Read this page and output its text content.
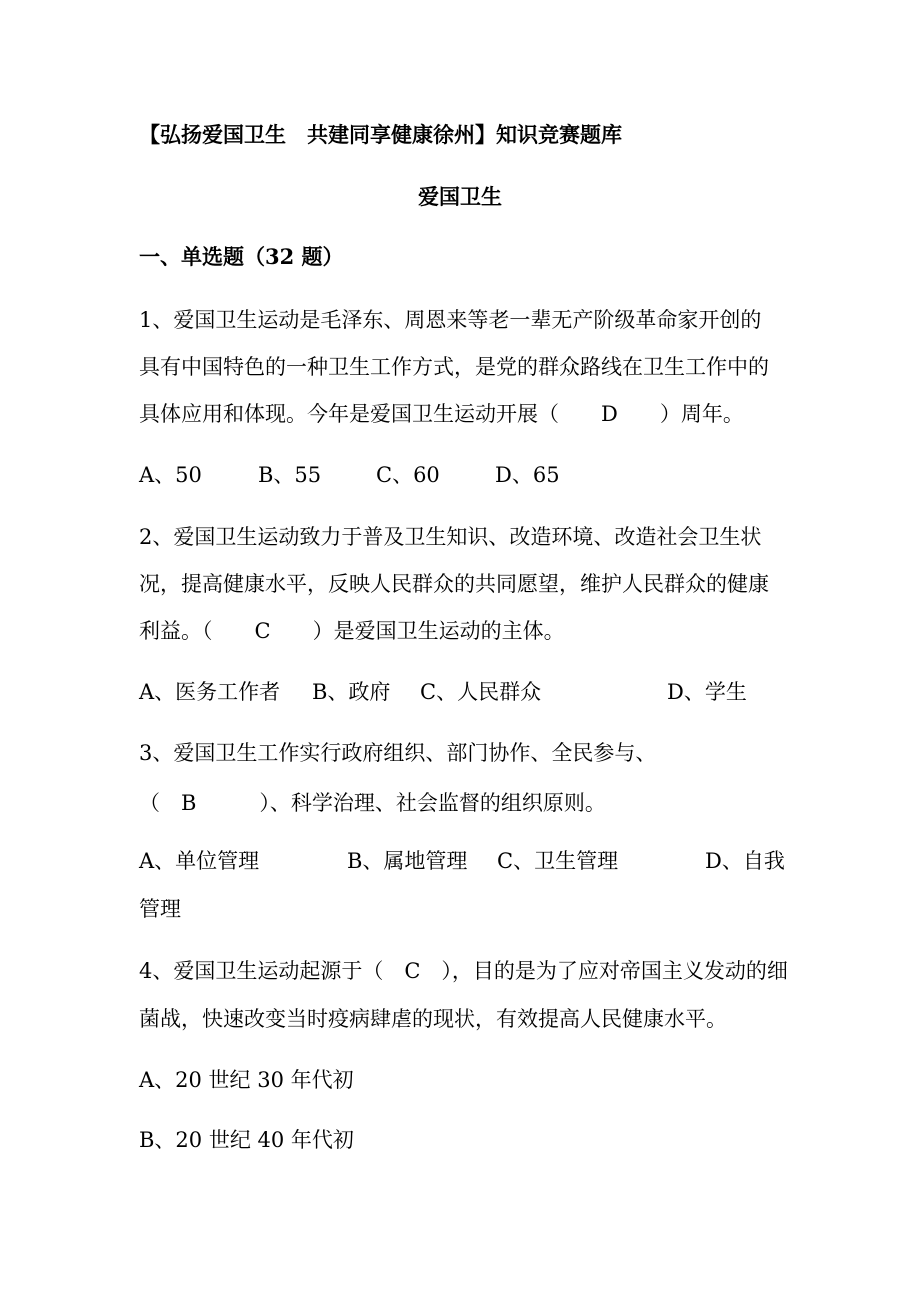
【弘扬爱国卫生　共建同享健康徐州】知识竞赛题库
爱国卫生
一、单选题（32 题）
1、爱国卫生运动是毛泽东、周恩来等老一辈无产阶级革命家开创的
具有中国特色的一种卫生工作方式，是党的群众路线在卫生工作中的
具体应用和体现。今年是爱国卫生运动开展（　　D　　）周年。
A、50	B、55	C、60	D、65
2、爱国卫生运动致力于普及卫生知识、改造环境、改造社会卫生状
况，提高健康水平，反映人民群众的共同愿望，维护人民群众的健康
利益。（　　C　　）是爱国卫生运动的主体。
A、医务工作者 B、政府 C、人民群众	D、学生
3、爱国卫生工作实行政府组织、部门协作、全民参与、
（　B　　　）、科学治理、社会监督的组织原则。
A、单位管理	B、属地管理 C、卫生管理	D、自我
管理
4、爱国卫生运动起源于（　C　），目的是为了应对帝国主义发动的细
菌战，快速改变当时疫病肆虐的现状，有效提高人民健康水平。
A、20 世纪 30 年代初
B、20 世纪 40 年代初
